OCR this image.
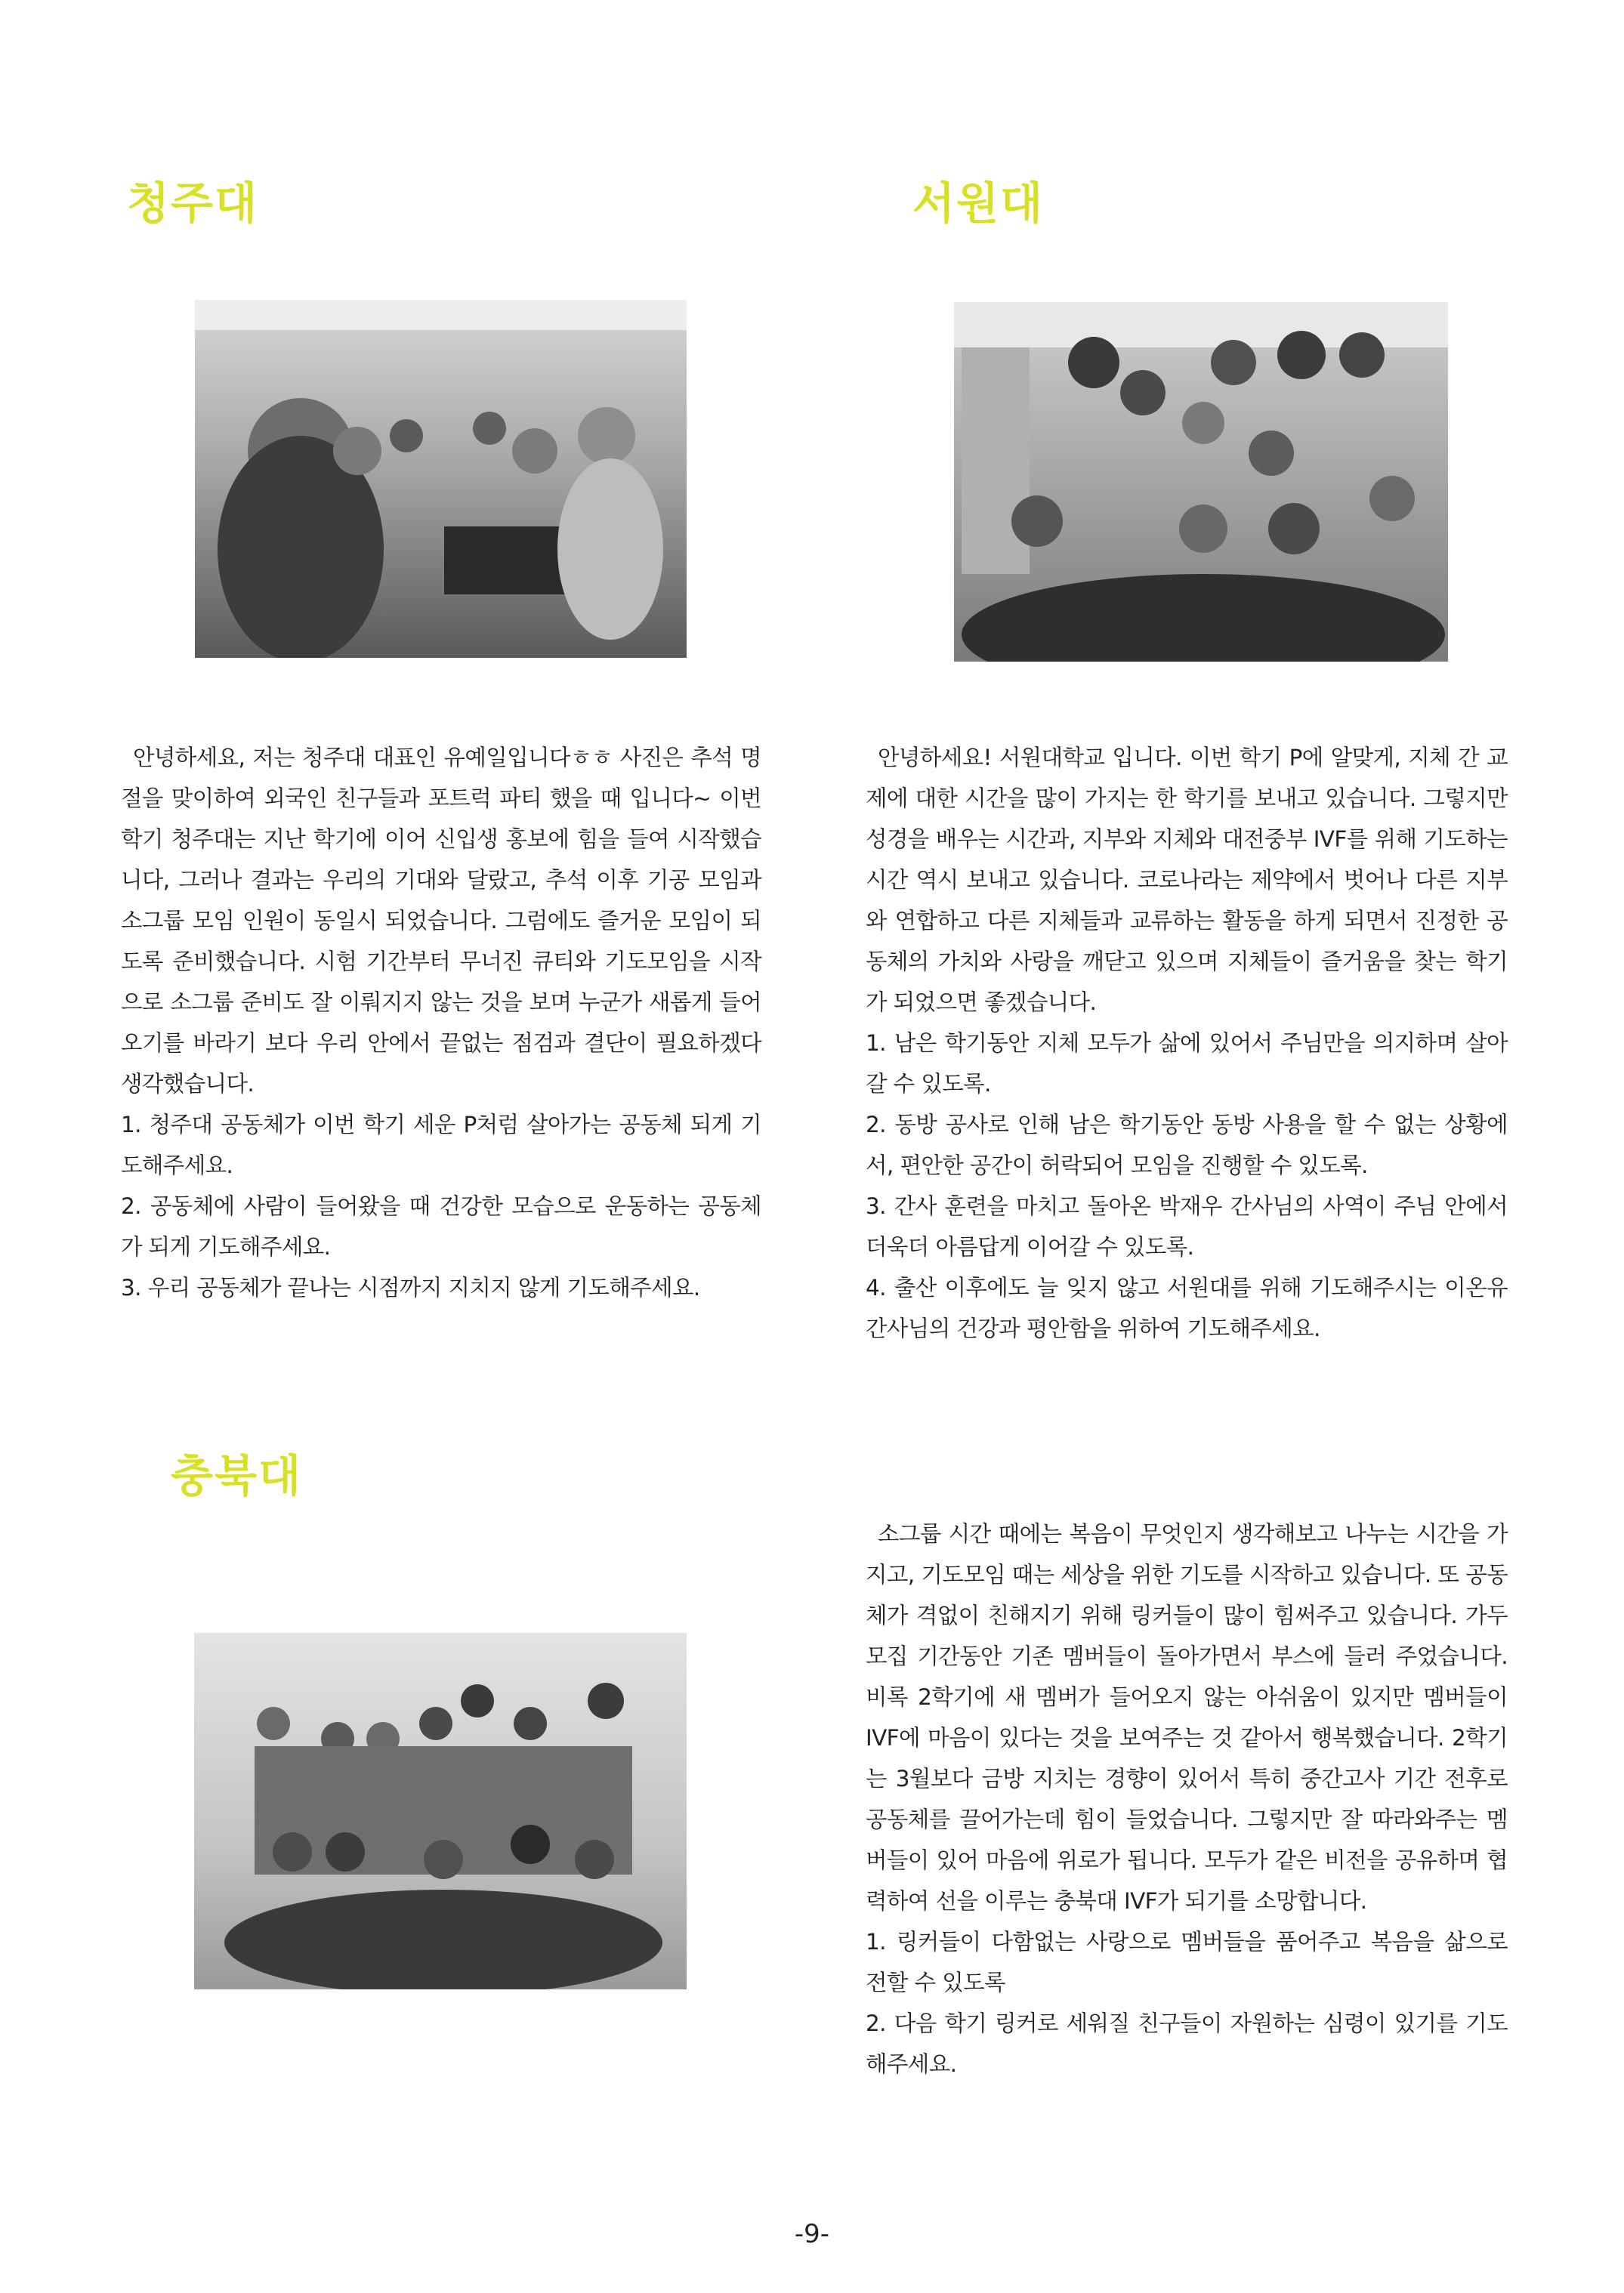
청주대

안녕하세요, 저는 청주대 대표인 유예일입니다ㅎㅎ 사진은 추석 명절을 맞이하여 외국인 친구들과 포트럭 파티 했을 때 입니다~ 이번 학기 청주대는 지난 학기에 이어 신입생 홍보에 힘을 들여 시작했습니다, 그러나 결과는 우리의 기대와 달랐고, 추석 이후 기공 모임과 소그룹 모임 인원이 동일시 되었습니다. 그럼에도 즐거운 모임이 되도록 준비했습니다. 시험 기간부터 무너진 큐티와 기도모임을 시작으로 소그룹 준비도 잘 이뤄지지 않는 것을 보며 누군가 새롭게 들어오기를 바라기 보다 우리 안에서 끝없는 점검과 결단이 필요하겠다 생각했습니다.

1. 청주대 공동체가 이번 학기 세운 P처럼 살아가는 공동체 되게 기도해주세요.

2. 공동체에 사람이 들어왔을 때 건강한 모습으로 운동하는 공동체가 되게 기도해주세요.

3. 우리 공동체가 끝나는 시점까지 지치지 않게 기도해주세요.

서원대

안녕하세요! 서원대학교 입니다. 이번 학기 P에 알맞게, 지체 간 교제에 대한 시간을 많이 가지는 한 학기를 보내고 있습니다. 그렇지만 성경을 배우는 시간과, 지부와 지체와 대전중부 IVF를 위해 기도하는 시간 역시 보내고 있습니다. 코로나라는 제약에서 벗어나 다른 지부와 연합하고 다른 지체들과 교류하는 활동을 하게 되면서 진정한 공동체의 가치와 사랑을 깨닫고 있으며 지체들이 즐거움을 찾는 학기가 되었으면 좋겠습니다.

1. 남은 학기동안 지체 모두가 삶에 있어서 주님만을 의지하며 살아갈 수 있도록.

2. 동방 공사로 인해 남은 학기동안 동방 사용을 할 수 없는 상황에서, 편안한 공간이 허락되어 모임을 진행할 수 있도록.

3. 간사 훈련을 마치고 돌아온 박재우 간사님의 사역이 주님 안에서 더욱더 아름답게 이어갈 수 있도록.

4. 출산 이후에도 늘 잊지 않고 서원대를 위해 기도해주시는 이온유 간사님의 건강과 평안함을 위하여 기도해주세요.

충북대

소그룹 시간 때에는 복음이 무엇인지 생각해보고 나누는 시간을 가지고, 기도모임 때는 세상을 위한 기도를 시작하고 있습니다. 또 공동체가 격없이 친해지기 위해 링커들이 많이 힘써주고 있습니다. 가두모집 기간동안 기존 멤버들이 돌아가면서 부스에 들러 주었습니다. 비록 2학기에 새 멤버가 들어오지 않는 아쉬움이 있지만 멤버들이 IVF에 마음이 있다는 것을 보여주는 것 같아서 행복했습니다. 2학기는 3월보다 금방 지치는 경향이 있어서 특히 중간고사 기간 전후로 공동체를 끌어가는데 힘이 들었습니다. 그렇지만 잘 따라와주는 멤버들이 있어 마음에 위로가 됩니다. 모두가 같은 비전을 공유하며 협력하여 선을 이루는 충북대 IVF가 되기를 소망합니다.

1. 링커들이 다함없는 사랑으로 멤버들을 품어주고 복음을 삶으로 전할 수 있도록

2. 다음 학기 링커로 세워질 친구들이 자원하는 심령이 있기를 기도해주세요.

-9-
